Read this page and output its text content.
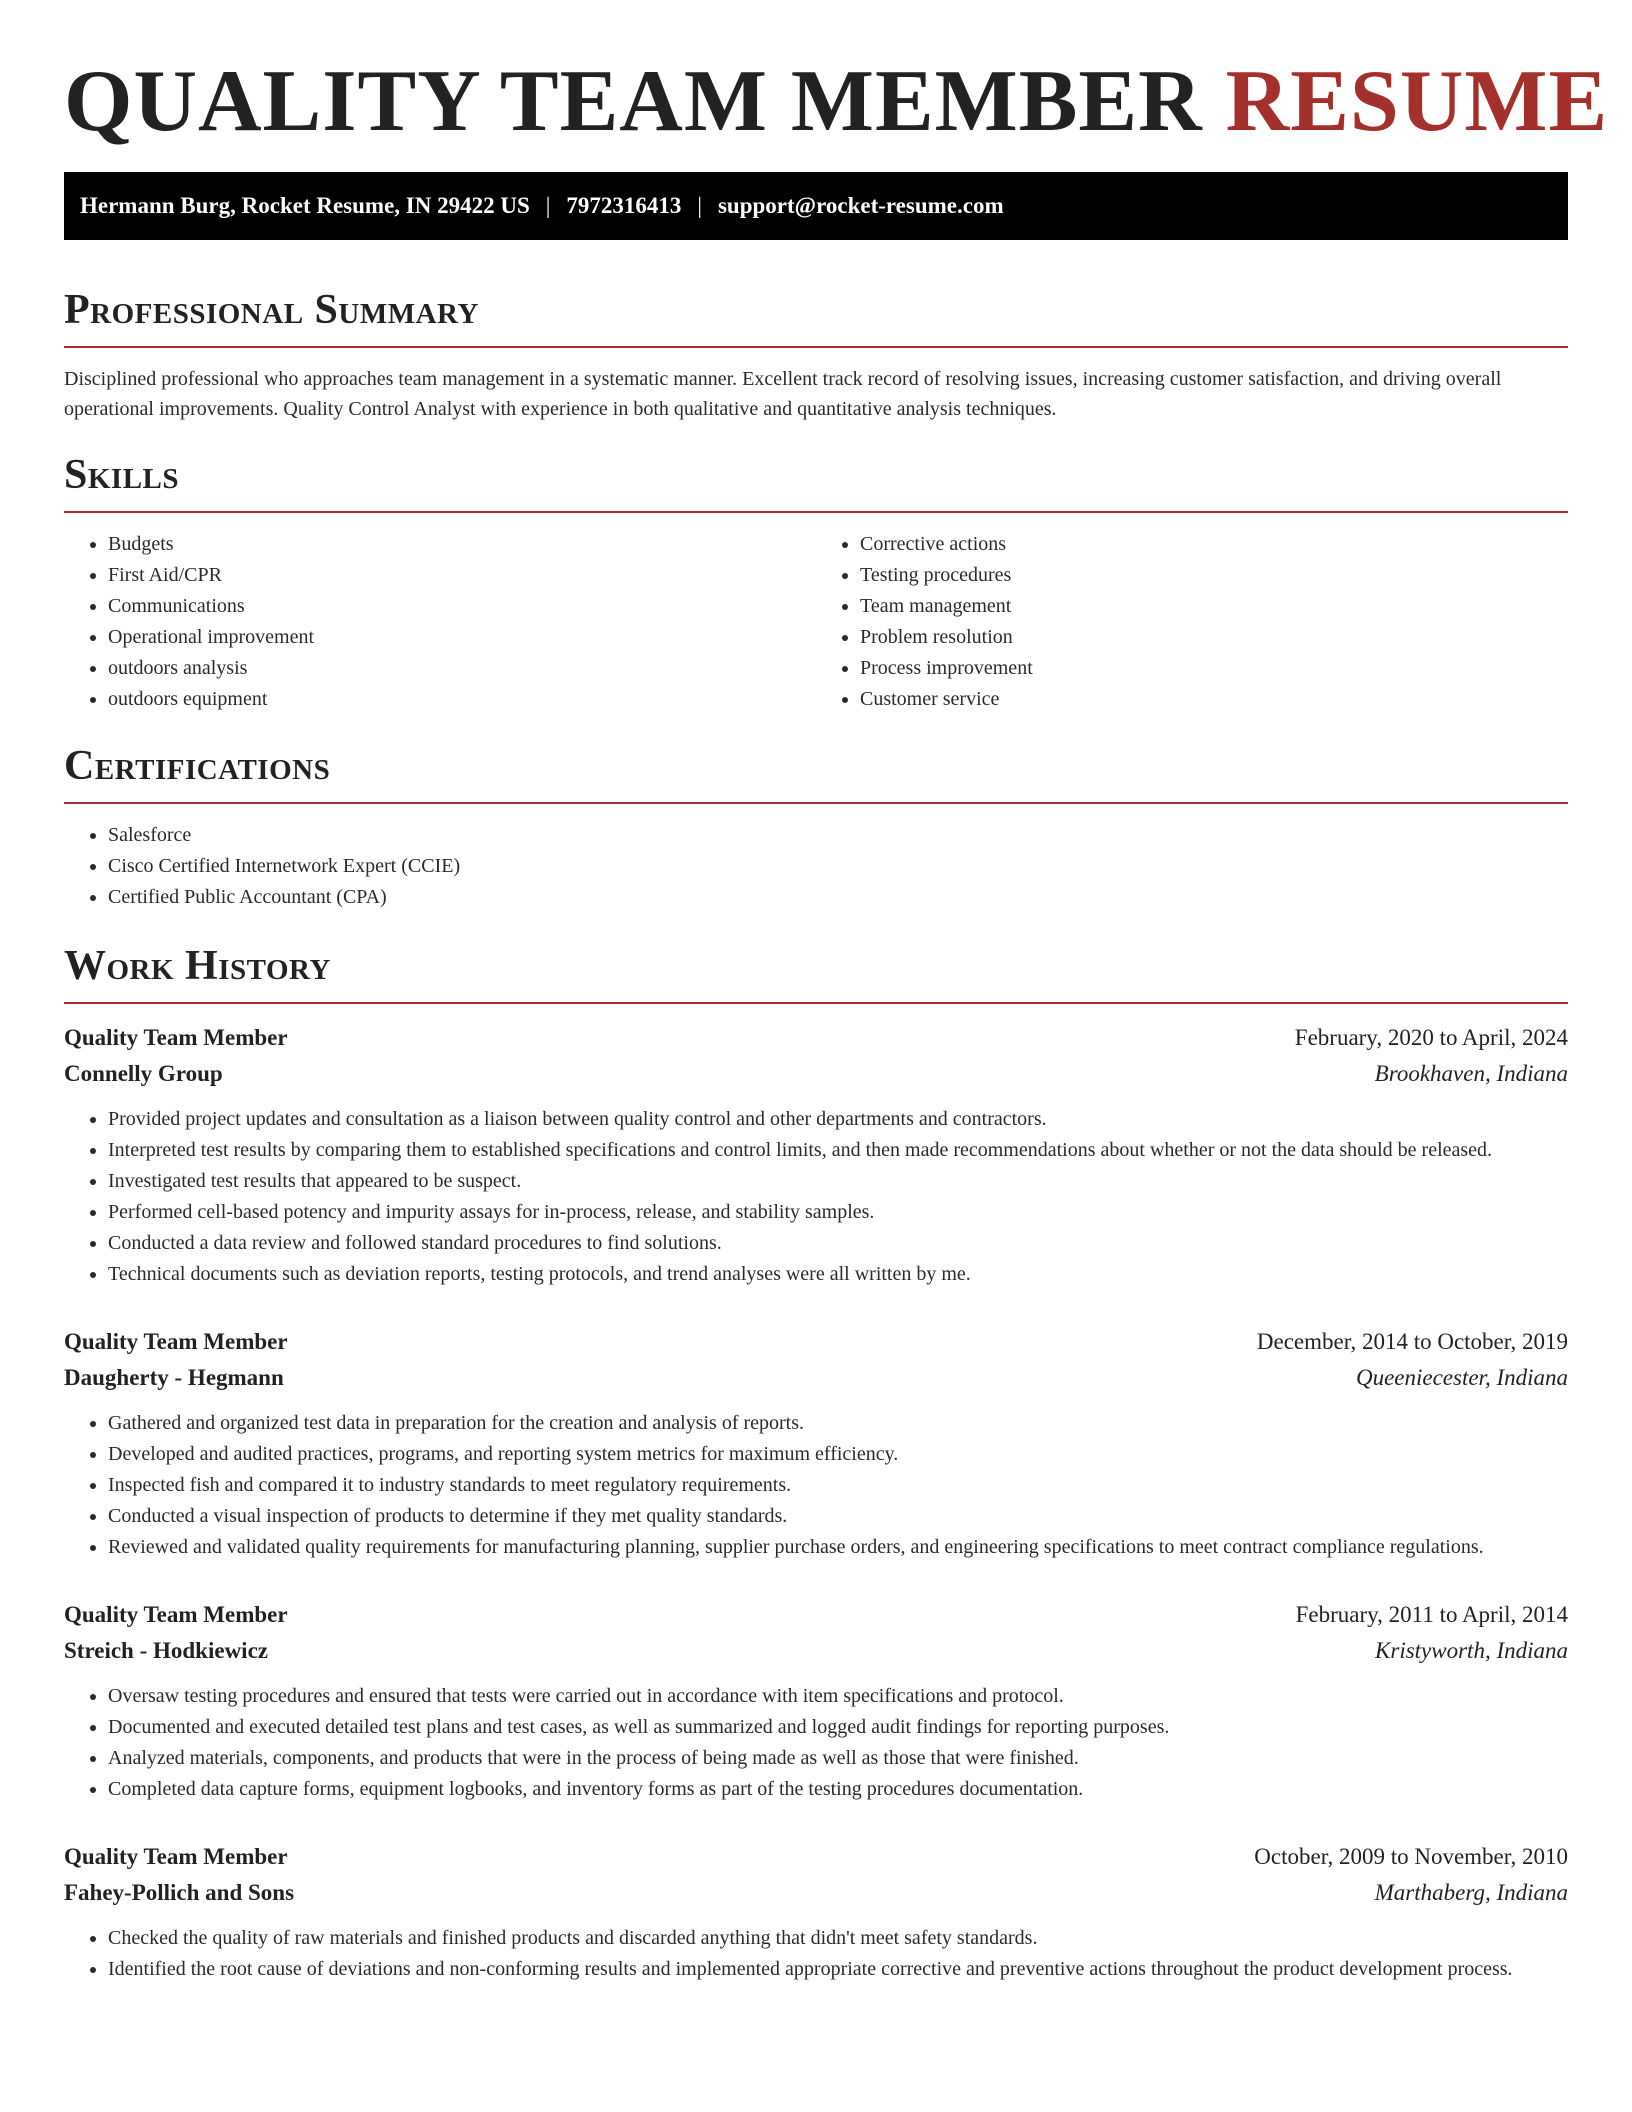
QUALITY TEAM MEMBER RESUME
Hermann Burg, Rocket Resume, IN 29422 US | 7972316413 | support@rocket-resume.com
Professional Summary

Disciplined professional who approaches team management in a systematic manner. Excellent track record of resolving issues, increasing customer satisfaction, and driving overall operational improvements. Quality Control Analyst with experience in both qualitative and quantitative analysis techniques.

Skills
• Budgets
• First Aid/CPR
• Communications
• Operational improvement
• outdoors analysis
• outdoors equipment
• Corrective actions
• Testing procedures
• Team management
• Problem resolution
• Process improvement
• Customer service
Certifications
• Salesforce
• Cisco Certified Internetwork Expert (CCIE)
• Certified Public Accountant (CPA)
Work History
Quality Team Member	February, 2020 to April, 2024
Connelly Group	Brookhaven, Indiana
• Provided project updates and consultation as a liaison between quality control and other departments and contractors.
• Interpreted test results by comparing them to established specifications and control limits, and then made recommendations about whether or not the data should be released.
• Investigated test results that appeared to be suspect.
• Performed cell-based potency and impurity assays for in-process, release, and stability samples.
• Conducted a data review and followed standard procedures to find solutions.
• Technical documents such as deviation reports, testing protocols, and trend analyses were all written by me.
Quality Team Member	December, 2014 to October, 2019
Daugherty - Hegmann	Queeniecester, Indiana
• Gathered and organized test data in preparation for the creation and analysis of reports.
• Developed and audited practices, programs, and reporting system metrics for maximum efficiency.
• Inspected fish and compared it to industry standards to meet regulatory requirements.
• Conducted a visual inspection of products to determine if they met quality standards.
• Reviewed and validated quality requirements for manufacturing planning, supplier purchase orders, and engineering specifications to meet contract compliance regulations.
Quality Team Member	February, 2011 to April, 2014
Streich - Hodkiewicz	Kristyworth, Indiana
• Oversaw testing procedures and ensured that tests were carried out in accordance with item specifications and protocol.
• Documented and executed detailed test plans and test cases, as well as summarized and logged audit findings for reporting purposes.
• Analyzed materials, components, and products that were in the process of being made as well as those that were finished.
• Completed data capture forms, equipment logbooks, and inventory forms as part of the testing procedures documentation.
Quality Team Member	October, 2009 to November, 2010
Fahey-Pollich and Sons	Marthaberg, Indiana
• Checked the quality of raw materials and finished products and discarded anything that didn't meet safety standards.
• Identified the root cause of deviations and non-conforming results and implemented appropriate corrective and preventive actions throughout the product development process.
